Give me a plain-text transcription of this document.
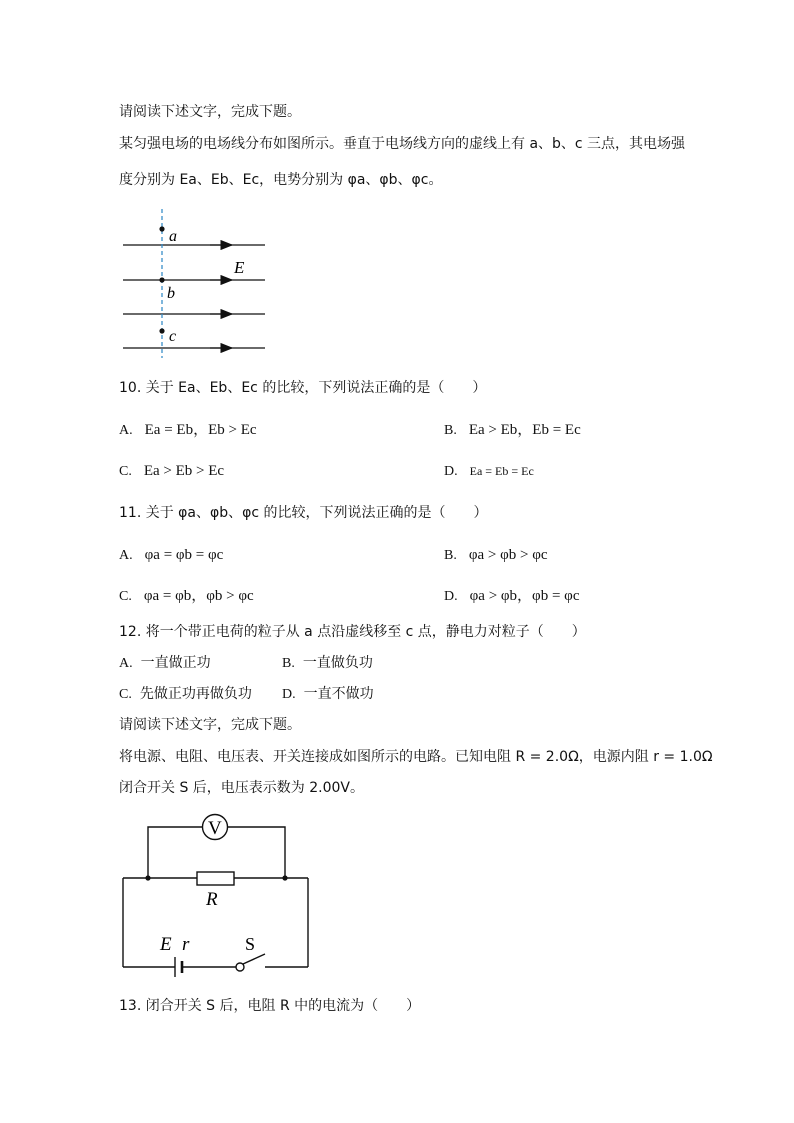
请阅读下述文字，完成下题。
某匀强电场的电场线分布如图所示。垂直于电场线方向的虚线上有 a、b、c 三点，其电场强
度分别为 Ea、Eb、Ec，电势分别为 φa、φb、φc。
a
b
c
E
10. 关于 Ea、Eb、Ec 的比较，下列说法正确的是（　　）
A. Ea = Eb，Eb > Ec	B. Ea > Eb，Eb = Ec
C. Ea > Eb > Ec	D. Ea = Eb = Ec
11. 关于 φa、φb、φc 的比较，下列说法正确的是（　　）
A. φa = φb = φc	B. φa > φb > φc
C. φa = φb，φb > φc	D. φa > φb，φb = φc
12. 将一个带正电荷的粒子从 a 点沿虚线移至 c 点，静电力对粒子（　　）
A. 一直做正功	B. 一直做负功
C. 先做正功再做负功 D. 一直不做功
请阅读下述文字，完成下题。
将电源、电阻、电压表、开关连接成如图所示的电路。已知电阻 R = 2.0Ω，电源内阻 r = 1.0Ω
闭合开关 S 后，电压表示数为 2.00V。
V
R
E r	S
13. 闭合开关 S 后，电阻 R 中的电流为（　　）
